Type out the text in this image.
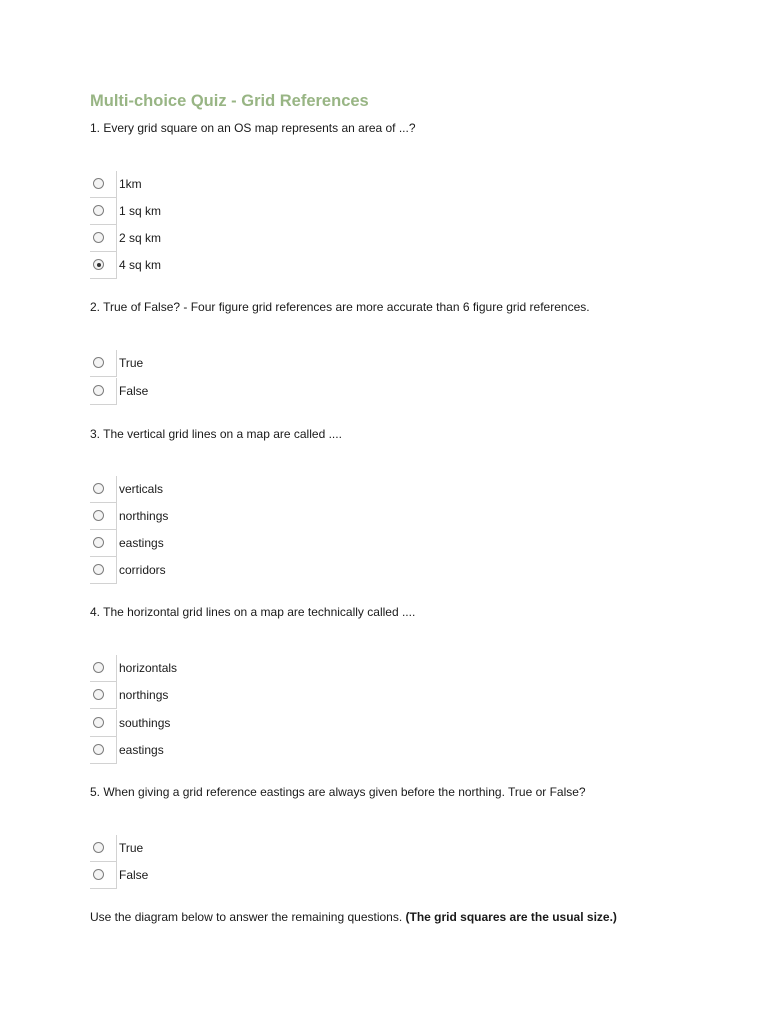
Multi-choice Quiz - Grid References
1. Every grid square on an OS map represents an area of ...?
1km
1 sq km
2 sq km
4 sq km
2. True of False? - Four figure grid references are more accurate than 6 figure grid references.
True
False
3. The vertical grid lines on a map are called ....
verticals
northings
eastings
corridors
4. The horizontal grid lines on a map are technically called ....
horizontals
northings
southings
eastings
5. When giving a grid reference eastings are always given before the northing. True or False?
True
False
Use the diagram below to answer the remaining questions. (The grid squares are the usual size.)
